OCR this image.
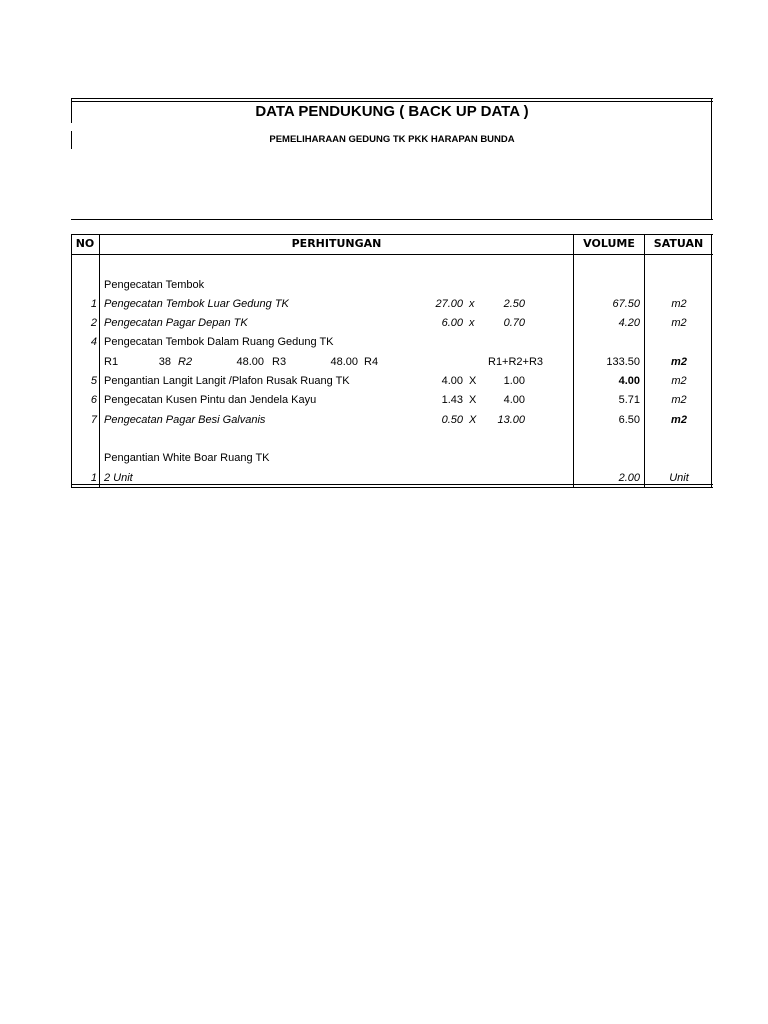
DATA PENDUKUNG ( BACK UP DATA )
PEMELIHARAAN GEDUNG TK PKK HARAPAN BUNDA
NO	PERHITUNGAN	VOLUME	SATUAN
Pengecatan Tembok
1 Pengecatan Tembok Luar Gedung TK	27.00 x	2.50	67.50	m2
2 Pengecatan Pagar Depan TK	6.00 x	0.70	4.20	m2
4 Pengecatan Tembok Dalam Ruang Gedung TK
R1	38 R2	48.00 R3	48.00 R4	R1+R2+R3	133.50	m2
5 Pengantian Langit Langit /Plafon Rusak Ruang TK	4.00 X 1.00	4.00	m2
6 Pengecatan Kusen Pintu dan Jendela Kayu	1.43 X 4.00	5.71	m2
7 Pengecatan Pagar Besi Galvanis	0.50 X 13.00	6.50	m2
Pengantian White Boar Ruang TK
1 2 Unit	2.00	Unit
